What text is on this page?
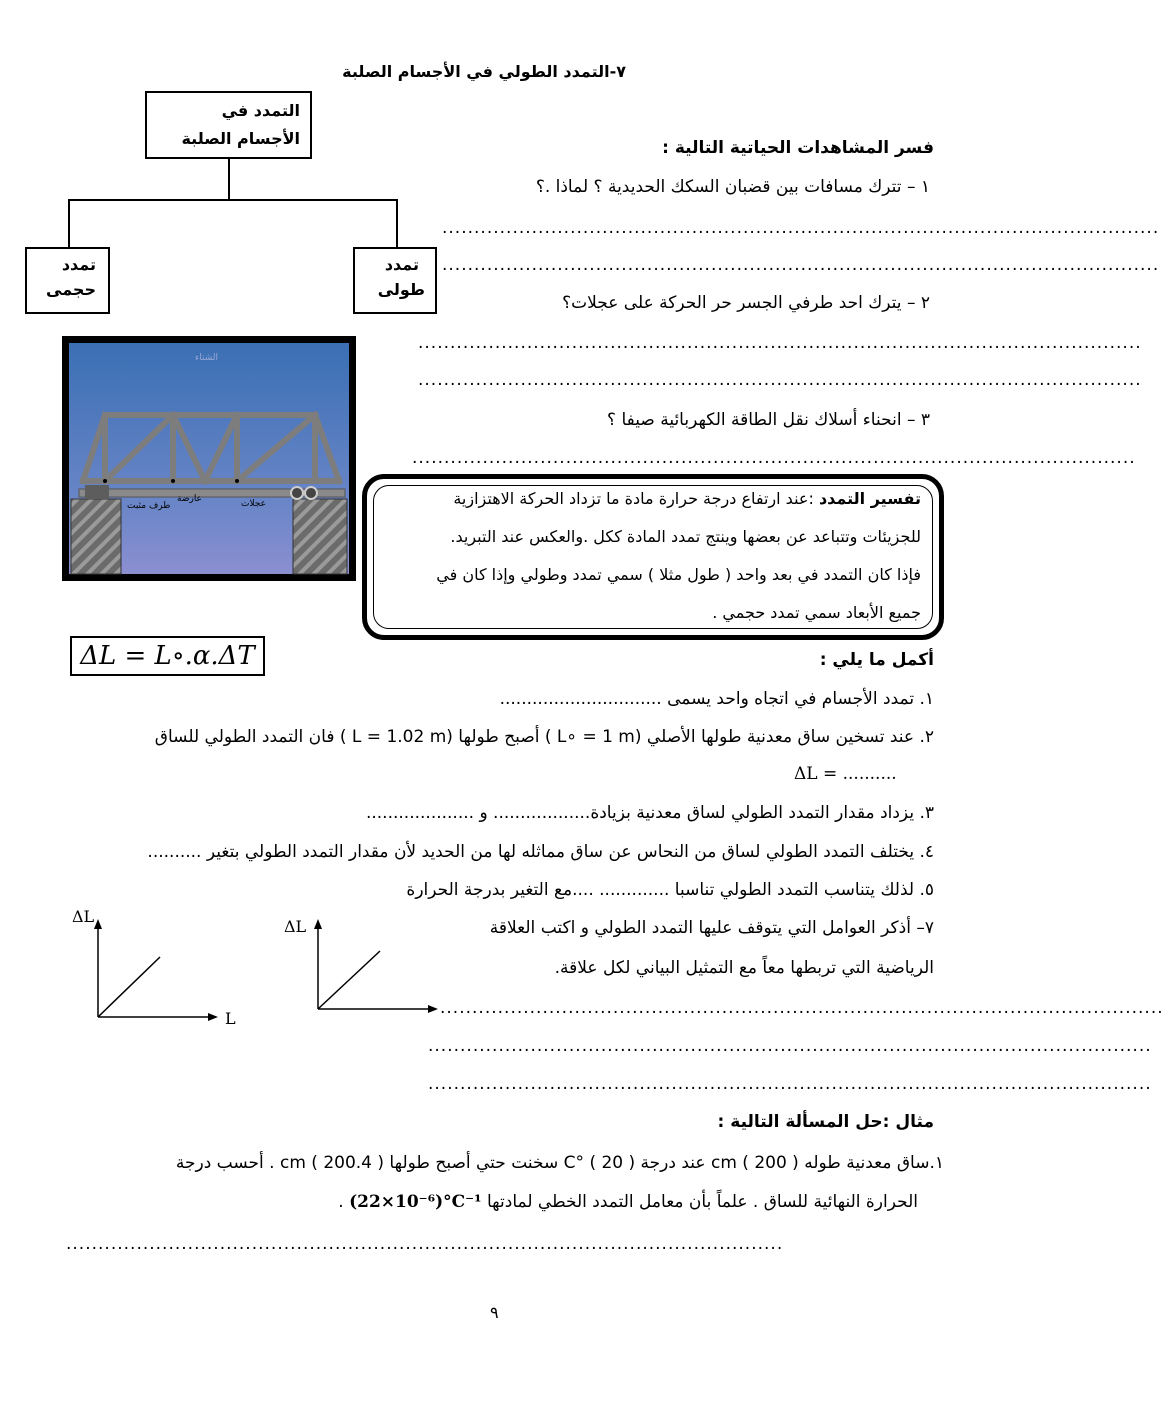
٧-التمدد الطولي في الأجسام الصلبة
التمدد في الأجسام الصلبة
تمدد
حجمى
تمدد
طولى
الشتاء
طرف مثبت
عارضة	عجلات
فسر المشاهدات الحياتية التالية :
١ – تترك مسافات بين قضبان السكك الحديدية ؟ لماذا .؟
................................................................................................................
................................................................................................................
٢ – يترك احد طرفي الجسر حر الحركة على عجلات؟
.................................................................................................................
.................................................................................................................
٣ – انحناء أسلاك نقل الطاقة الكهربائية صيفا ؟
.................................................................................................................
تفسير التمدد :عند ارتفاع درجة حرارة مادة ما تزداد الحركة الاهتزازية
للجزيئات وتتباعد عن بعضها وينتج تمدد المادة ككل .والعكس عند التبريد.
فإذا كان التمدد في بعد واحد ( طول مثلا ) سمي تمدد وطولي وإذا كان في
جميع الأبعاد سمي تمدد حجمي .
ΔL = L∘.α.ΔT	أكمل ما يلي :
١. تمدد الأجسام في اتجاه واحد يسمى ..............................
٢. عند تسخين ساق معدنية طولها الأصلي (L∘ = 1 m ) أصبح طولها (L = 1.02 m ) فان التمدد الطولي للساق
ΔL = ..........
٣. يزداد مقدار التمدد الطولي لساق معدنية بزيادة.................. و ....................
٤. يختلف التمدد الطولي لساق من النحاس عن ساق مماثله لها من الحديد لأن مقدار التمدد الطولي بتغير ..........
٥. لذلك يتناسب التمدد الطولي تناسبا ............. ....مع التغير بدرجة الحرارة
٧– أذكر العوامل التي يتوقف عليها التمدد الطولي و اكتب العلاقة
الرياضية التي تربطها معاً مع التمثيل البياني لكل علاقة.
.................................................................................................................
.................................................................................................................
.................................................................................................................
ΔL
L
ΔL
مثال :حل المسألة التالية :
١.ساق معدنية طوله cm ( 200 ) عند درجة C° ( 20 ) سخنت حتي أصبح طولها cm ( 200.4 ) . أحسب درجة
الحرارة النهائية للساق . علماً بأن معامل التمدد الخطي لمادتها (22×10⁻⁶)°C⁻¹ .
................................................................................................................
٩
